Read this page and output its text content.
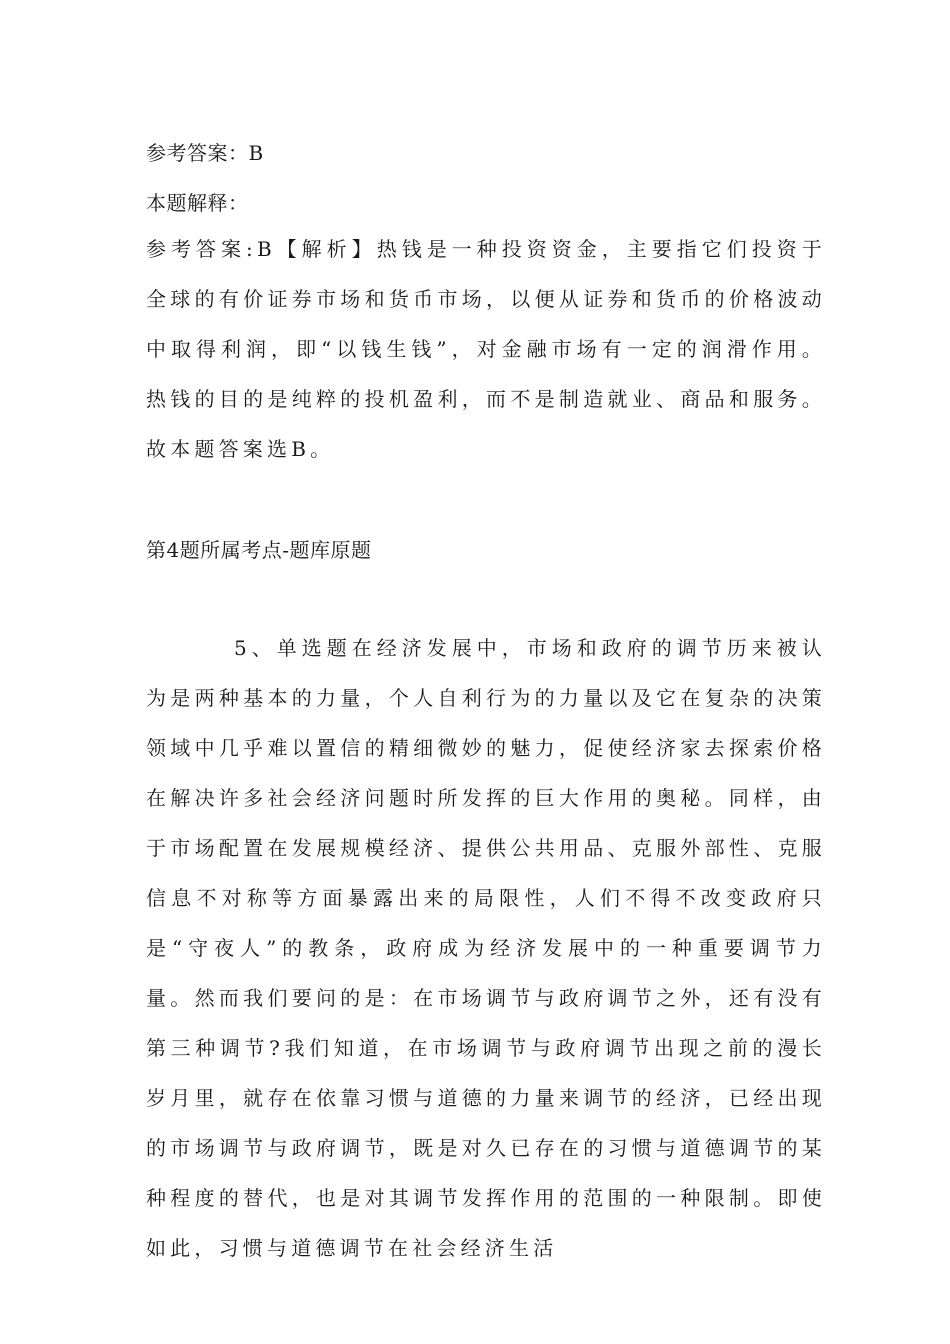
参考答案：B
本题解释：
参考答案:B【解析】热钱是一种投资资金，主要指它们投资于全球的有价证券市场和货币市场，以便从证券和货币的价格波动中取得利润，即“以钱生钱”，对金融市场有一定的润滑作用。热钱的目的是纯粹的投机盈利，而不是制造就业、商品和服务。故本题答案选B。
第4题所属考点-题库原题
5、单选题在经济发展中，市场和政府的调节历来被认为是两种基本的力量，个人自利行为的力量以及它在复杂的决策领域中几乎难以置信的精细微妙的魅力，促使经济家去探索价格在解决许多社会经济问题时所发挥的巨大作用的奥秘。同样，由于市场配置在发展规模经济、提供公共用品、克服外部性、克服信息不对称等方面暴露出来的局限性，人们不得不改变政府只是“守夜人”的教条，政府成为经济发展中的一种重要调节力量。然而我们要问的是：在市场调节与政府调节之外，还有没有第三种调节?我们知道，在市场调节与政府调节出现之前的漫长岁月里，就存在依靠习惯与道德的力量来调节的经济，已经出现的市场调节与政府调节，既是对久已存在的习惯与道德调节的某种程度的替代，也是对其调节发挥作用的范围的一种限制。即使如此，习惯与道德调节在社会经济生活
